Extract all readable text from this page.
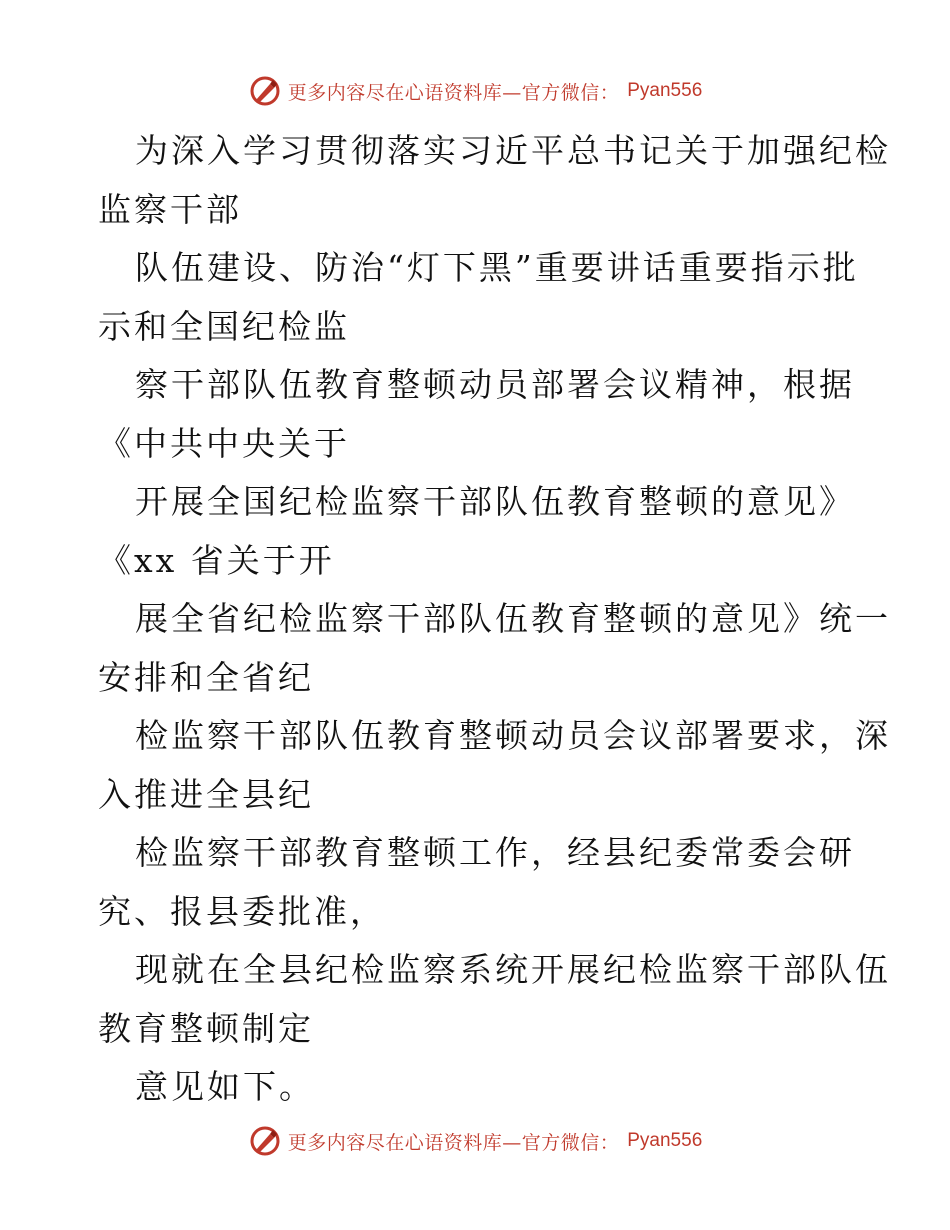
更多内容尽在心语资料库—官方微信： Pyan556
为深入学习贯彻落实习近平总书记关于加强纪检
监察干部
队伍建设、防治“灯下黑”重要讲话重要指示批
示和全国纪检监
察干部队伍教育整顿动员部署会议精神，根据
《中共中央关于
开展全国纪检监察干部队伍教育整顿的意见》
《xx 省关于开
展全省纪检监察干部队伍教育整顿的意见》统一
安排和全省纪
检监察干部队伍教育整顿动员会议部署要求，深
入推进全县纪
检监察干部教育整顿工作，经县纪委常委会研
究、报县委批准，
现就在全县纪检监察系统开展纪检监察干部队伍
教育整顿制定
意见如下。
更多内容尽在心语资料库—官方微信： Pyan556
